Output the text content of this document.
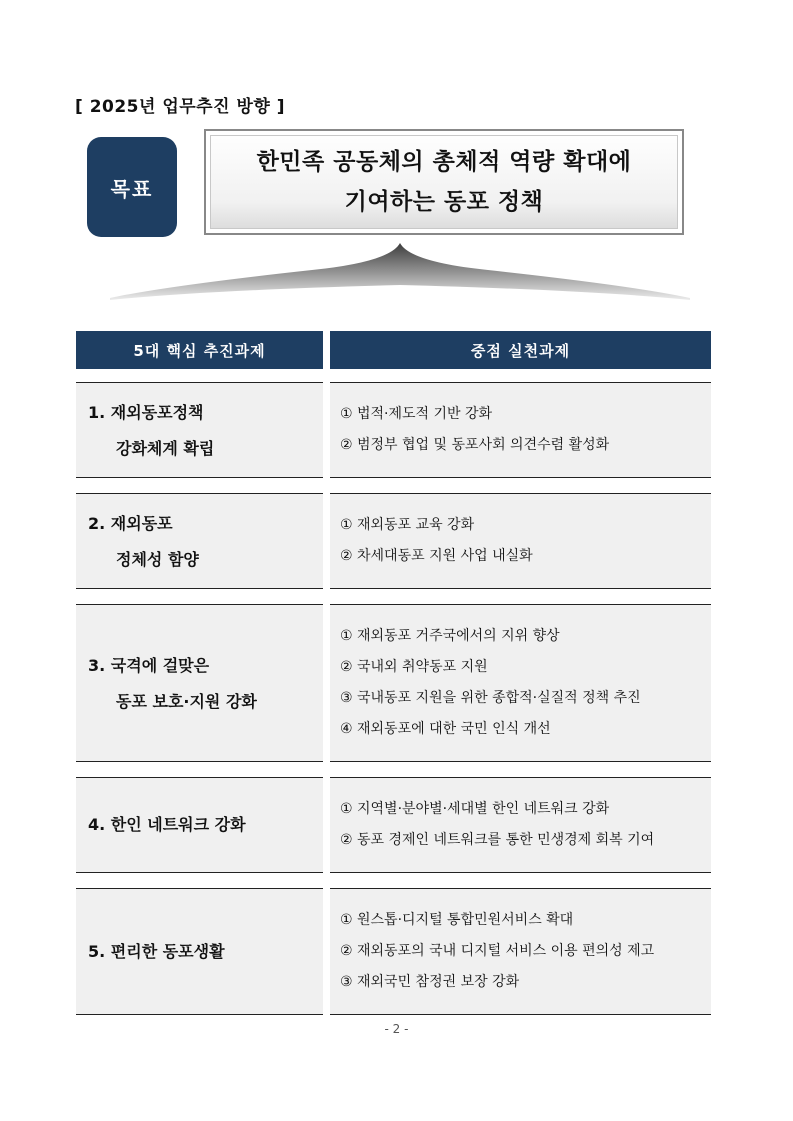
[ 2025년 업무추진 방향 ]
목표
한민족 공동체의 총체적 역량 확대에
기여하는 동포 정책
5대 핵심 추진과제	중점 실천과제
1. 재외동포정책
강화체계 확립
① 법적·제도적 기반 강화
② 범정부 협업 및 동포사회 의견수렴 활성화
2. 재외동포
정체성 함양
① 재외동포 교육 강화
② 차세대동포 지원 사업 내실화
3. 국격에 걸맞은
동포 보호·지원 강화
① 재외동포 거주국에서의 지위 향상
② 국내외 취약동포 지원
③ 국내동포 지원을 위한 종합적·실질적 정책 추진
④ 재외동포에 대한 국민 인식 개선
4. 한인 네트워크 강화
① 지역별·분야별·세대별 한인 네트워크 강화
② 동포 경제인 네트워크를 통한 민생경제 회복 기여
5. 편리한 동포생활
① 원스톱·디지털 통합민원서비스 확대
② 재외동포의 국내 디지털 서비스 이용 편의성 제고
③ 재외국민 참정권 보장 강화
- 2 -
